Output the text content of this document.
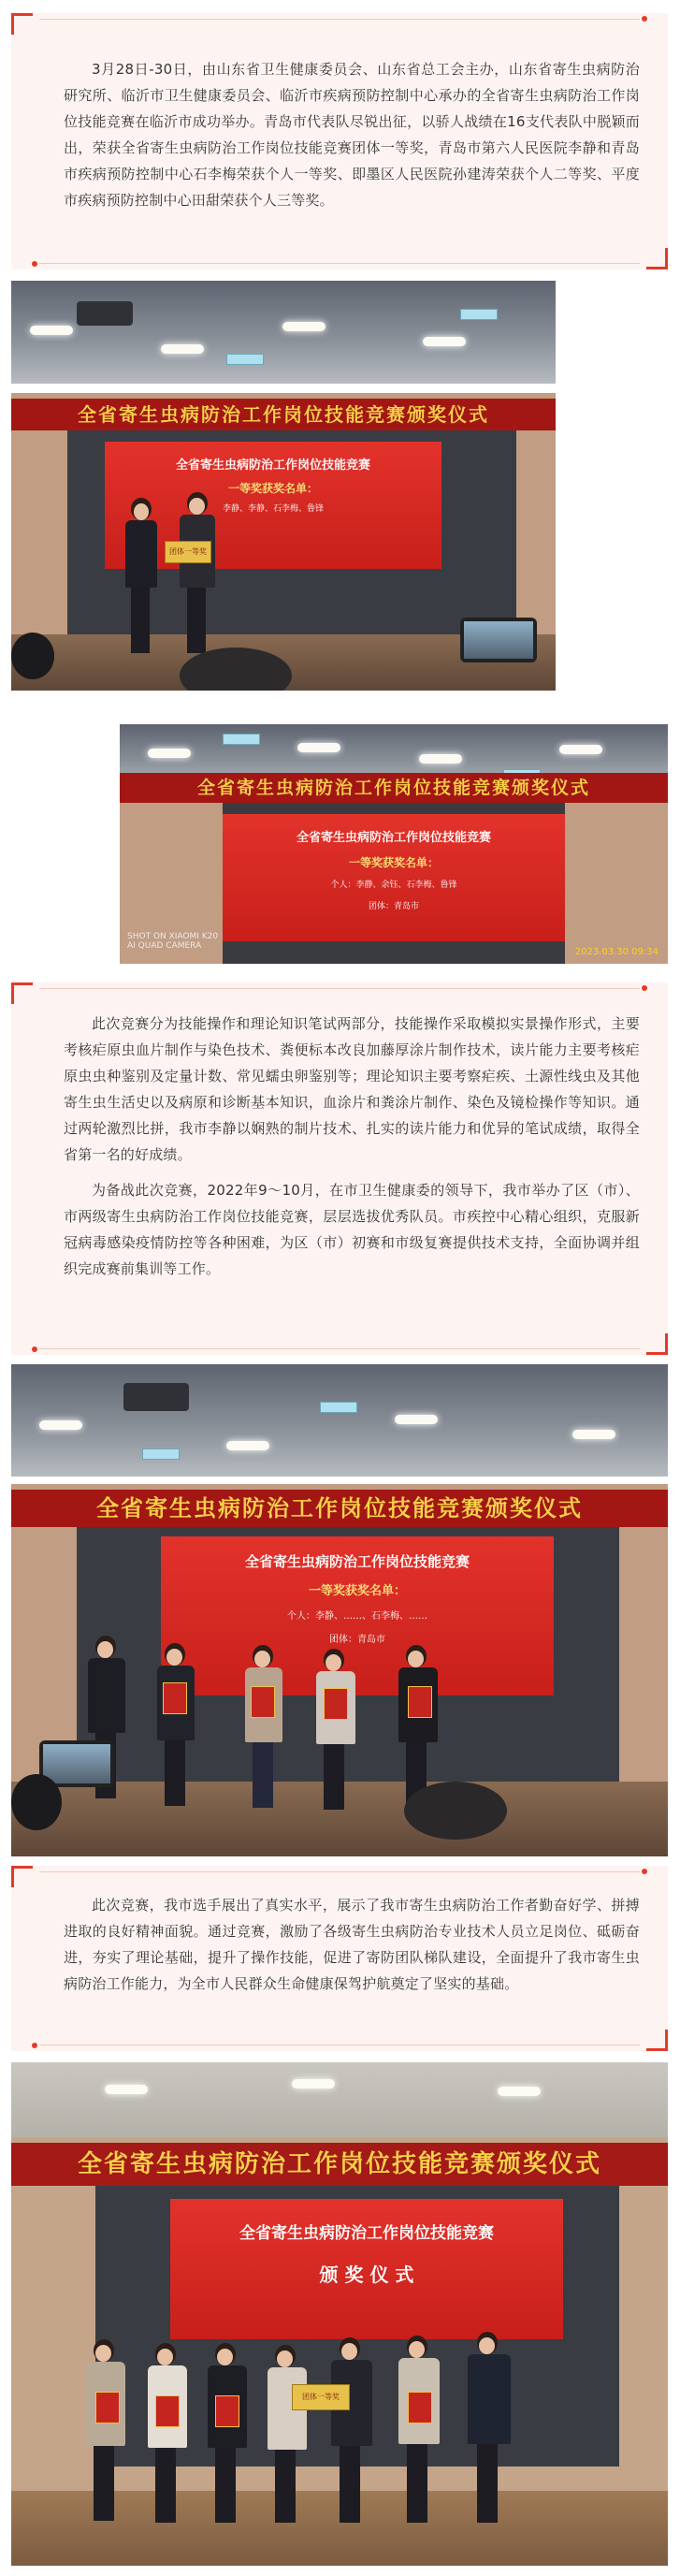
3月28日-30日，由山东省卫生健康委员会、山东省总工会主办，山东省寄生虫病防治研究所、临沂市卫生健康委员会、临沂市疾病预防控制中心承办的全省寄生虫病防治工作岗位技能竞赛在临沂市成功举办。青岛市代表队尽锐出征，以骄人战绩在16支代表队中脱颖而出，荣获全省寄生虫病防治工作岗位技能竞赛团体一等奖，青岛市第六人民医院李静和青岛市疾病预防控制中心石李梅荣获个人一等奖、即墨区人民医院孙建涛荣获个人二等奖、平度市疾病预防控制中心田甜荣获个人三等奖。

全省寄生虫病防治工作岗位技能竞赛颁奖仪式
全省寄生虫病防治工作岗位技能竞赛
一等奖获奖名单：
李静、李静、石李梅、鲁锋
团体一等奖
全省寄生虫病防治工作岗位技能竞赛颁奖仪式
全省寄生虫病防治工作岗位技能竞赛
一等奖获奖名单：
个人：李静、余钰、石李梅、鲁锋
团体：青岛市
SHOT ON XIAOMI K20
AI QUAD CAMERA
2023.03.30 09:34

此次竞赛分为技能操作和理论知识笔试两部分，技能操作采取模拟实景操作形式，主要考核疟原虫血片制作与染色技术、粪便标本改良加藤厚涂片制作技术，读片能力主要考核疟原虫虫种鉴别及定量计数、常见蠕虫卵鉴别等；理论知识主要考察疟疾、土源性线虫及其他寄生虫生活史以及病原和诊断基本知识，血涂片和粪涂片制作、染色及镜检操作等知识。通过两轮激烈比拼，我市李静以娴熟的制片技术、扎实的读片能力和优异的笔试成绩，取得全省第一名的好成绩。

为备战此次竞赛，2022年9～10月，在市卫生健康委的领导下，我市举办了区（市）、市两级寄生虫病防治工作岗位技能竞赛，层层选拔优秀队员。市疾控中心精心组织，克服新冠病毒感染疫情防控等各种困难，为区（市）初赛和市级复赛提供技术支持，全面协调并组织完成赛前集训等工作。

全省寄生虫病防治工作岗位技能竞赛颁奖仪式
全省寄生虫病防治工作岗位技能竞赛
一等奖获奖名单：
个人：李静、……、石李梅、……
团体：青岛市

此次竞赛，我市选手展出了真实水平，展示了我市寄生虫病防治工作者勤奋好学、拼搏进取的良好精神面貌。通过竞赛，激励了各级寄生虫病防治专业技术人员立足岗位、砥砺奋进，夯实了理论基础，提升了操作技能，促进了寄防团队梯队建设，全面提升了我市寄生虫病防治工作能力，为全市人民群众生命健康保驾护航奠定了坚实的基础。

全省寄生虫病防治工作岗位技能竞赛颁奖仪式
全省寄生虫病防治工作岗位技能竞赛
颁 奖 仪 式
团体一等奖
